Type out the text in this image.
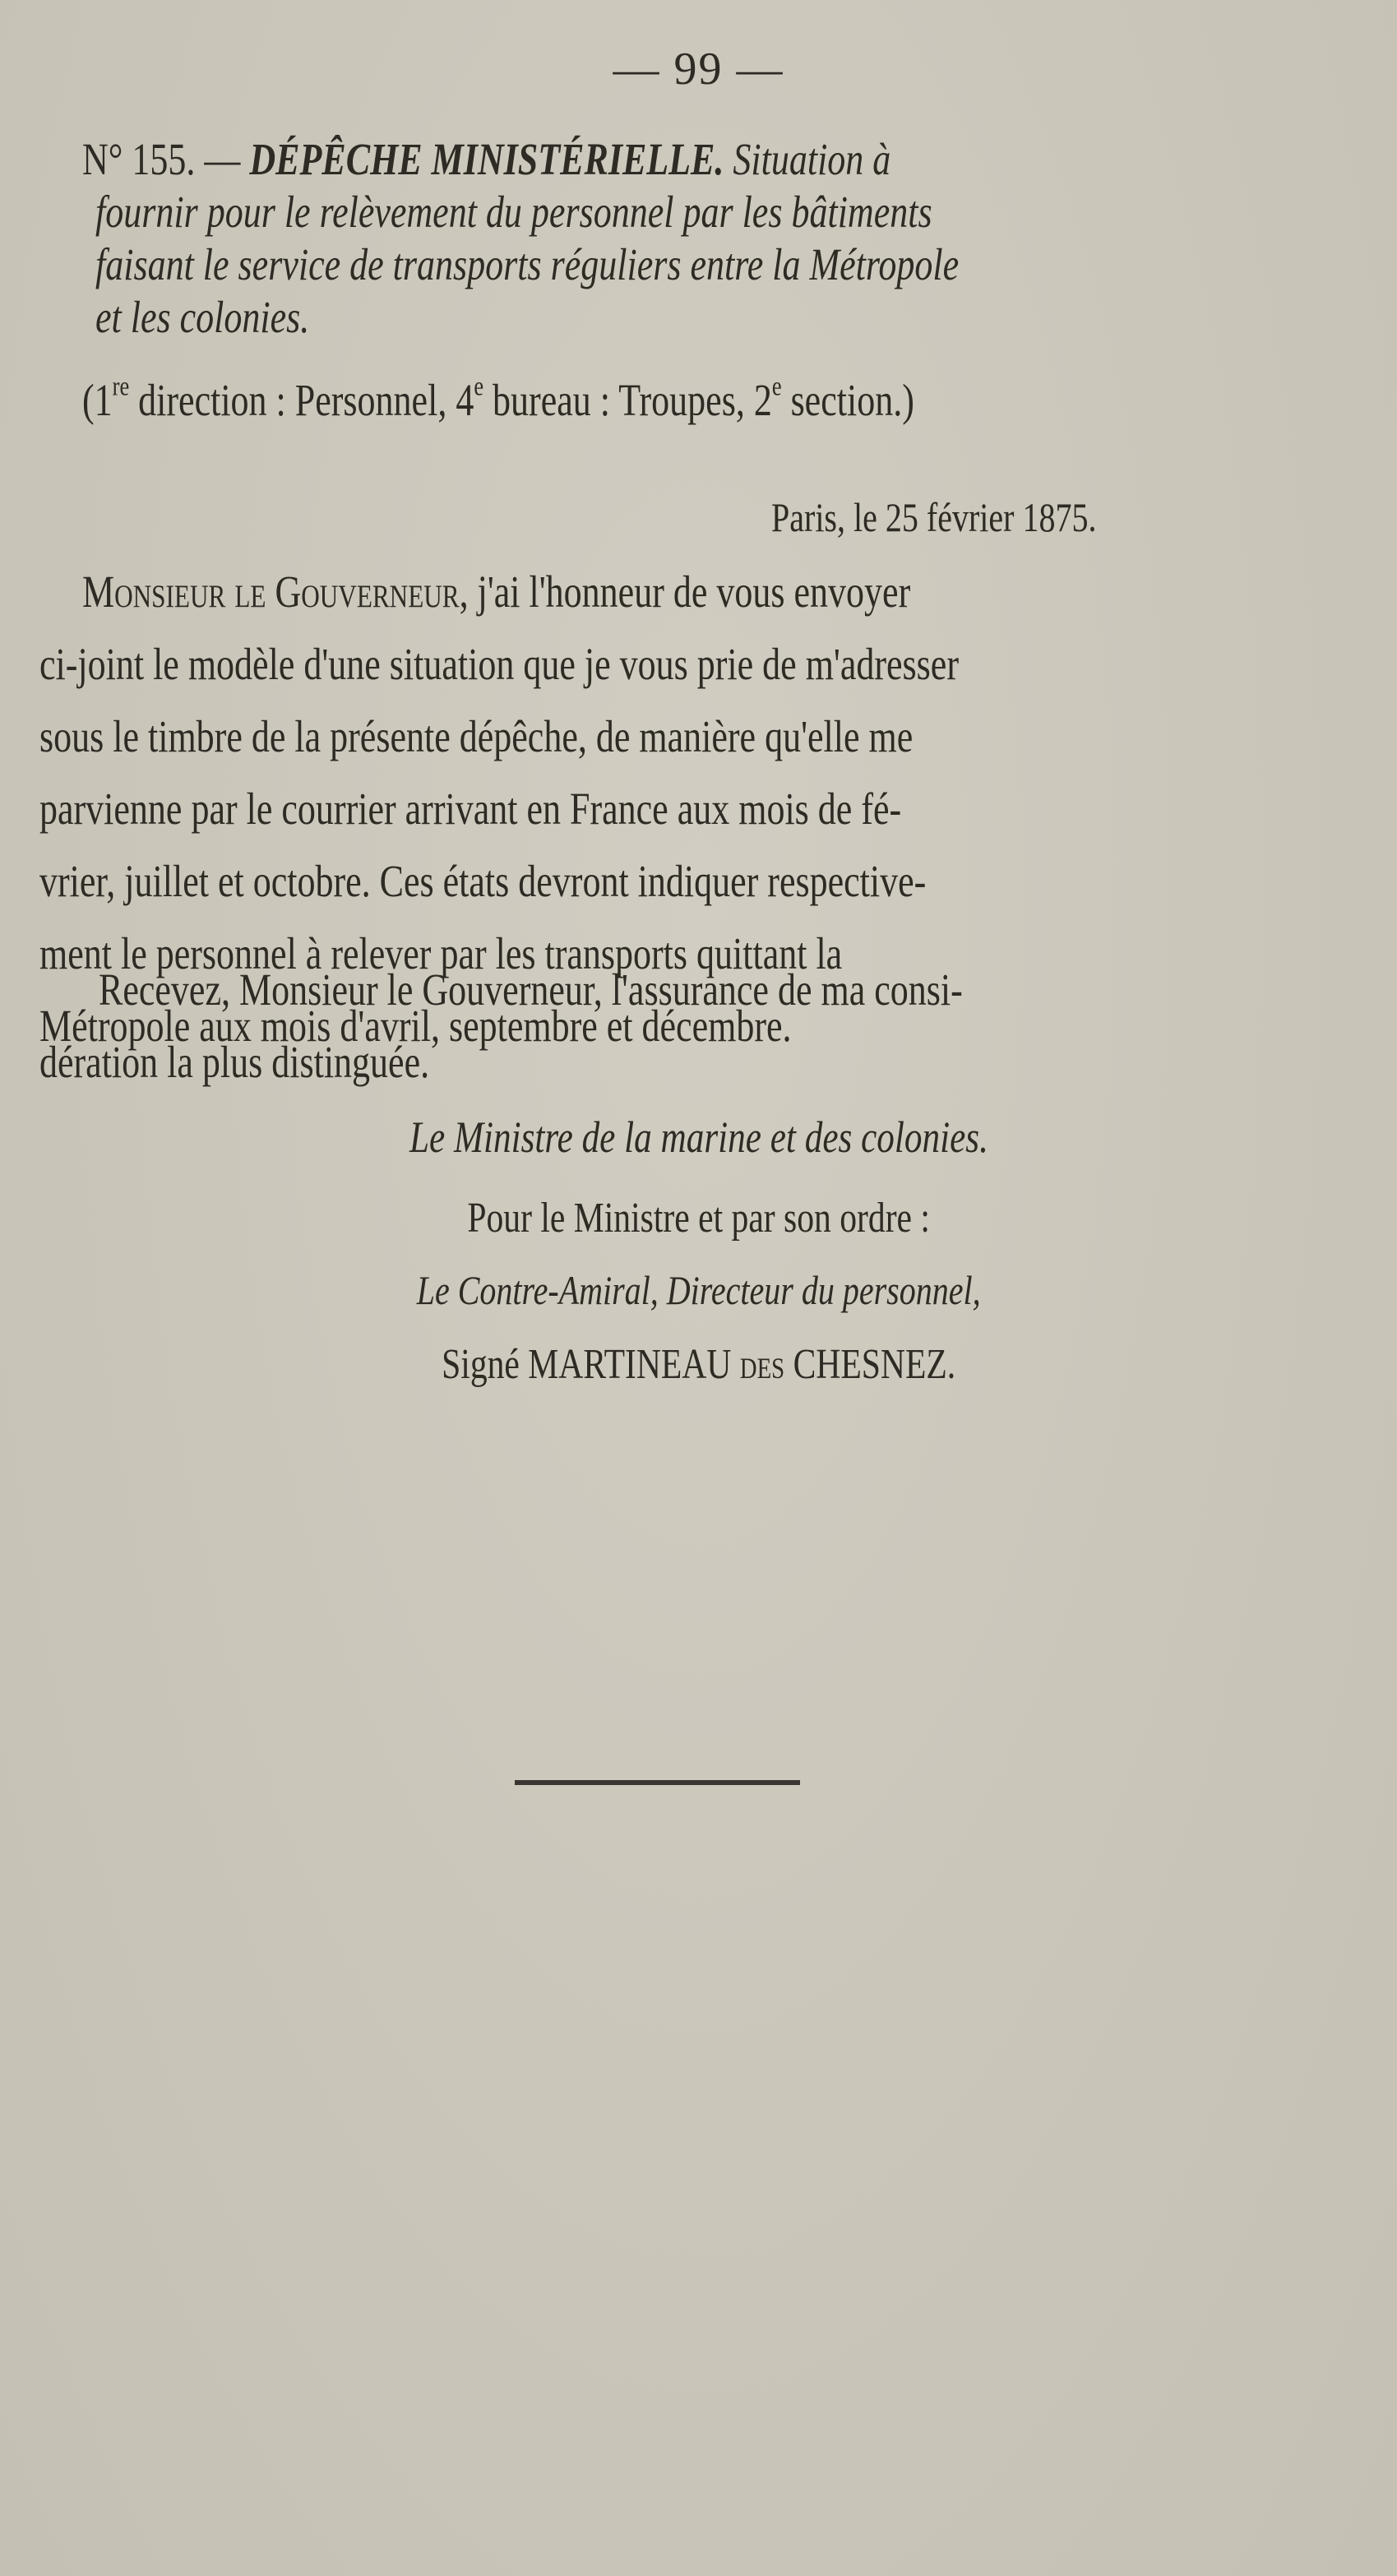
— 99 —
N° 155. — DÉPÊCHE MINISTÉRIELLE. Situation à
fournir pour le relèvement du personnel par les bâtiments
faisant le service de transports réguliers entre la Métropole
et les colonies.
(1re direction : Personnel, 4e bureau : Troupes, 2e section.)
Paris, le 25 février 1875.
Monsieur le Gouverneur, j'ai l'honneur de vous envoyer
ci-joint le modèle d'une situation que je vous prie de m'adresser
sous le timbre de la présente dépêche, de manière qu'elle me
parvienne par le courrier arrivant en France aux mois de fé-
vrier, juillet et octobre. Ces états devront indiquer respective-
ment le personnel à relever par les transports quittant la
Métropole aux mois d'avril, septembre et décembre.
Recevez, Monsieur le Gouverneur, l'assurance de ma consi-
dération la plus distinguée.
Le Ministre de la marine et des colonies.
Pour le Ministre et par son ordre :
Le Contre-Amiral, Directeur du personnel,
Signé MARTINEAU des CHESNEZ.
